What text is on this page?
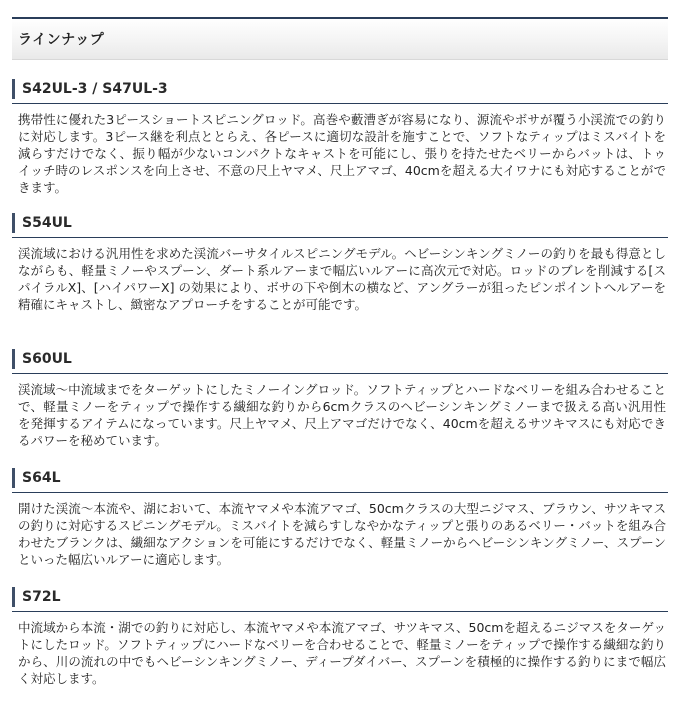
ラインナップ
S42UL-3 / S47UL-3
携帯性に優れた3ピースショートスピニングロッド。高巻や藪漕ぎが容易になり、源流やボサが覆う小渓流での釣りに対応します。3ピース継を利点ととらえ、各ピースに適切な設計を施すことで、ソフトなティップはミスバイトを減らすだけでなく、振り幅が少ないコンパクトなキャストを可能にし、張りを持たせたベリーからバットは、トゥイッチ時のレスポンスを向上させ、不意の尺上ヤマメ、尺上アマゴ、40cmを超える大イワナにも対応することができます。
S54UL
渓流域における汎用性を求めた渓流バーサタイルスピニングモデル。ヘビーシンキングミノーの釣りを最も得意としながらも、軽量ミノーやスプーン、ダート系ルアーまで幅広いルアーに高次元で対応。ロッドのブレを削減する[スパイラルX]、[ハイパワーX] の効果により、ボサの下や倒木の横など、アングラーが狙ったピンポイントへルアーを精確にキャストし、緻密なアプローチをすることが可能です。
S60UL
渓流域～中流域までをターゲットにしたミノーイングロッド。ソフトティップとハードなベリーを組み合わせることで、軽量ミノーをティップで操作する繊細な釣りから6cmクラスのヘビーシンキングミノーまで扱える高い汎用性を発揮するアイテムになっています。尺上ヤマメ、尺上アマゴだけでなく、40cmを超えるサツキマスにも対応できるパワーを秘めています。
S64L
開けた渓流～本流や、湖において、本流ヤマメや本流アマゴ、50cmクラスの大型ニジマス、ブラウン、サツキマスの釣りに対応するスピニングモデル。ミスバイトを減らすしなやかなティップと張りのあるベリー・バットを組み合わせたブランクは、繊細なアクションを可能にするだけでなく、軽量ミノーからヘビーシンキングミノー、スプーンといった幅広いルアーに適応します。
S72L
中流域から本流・湖での釣りに対応し、本流ヤマメや本流アマゴ、サツキマス、50cmを超えるニジマスをターゲットにしたロッド。ソフトティップにハードなベリーを合わせることで、軽量ミノーをティップで操作する繊細な釣りから、川の流れの中でもヘビーシンキングミノー、ディープダイバー、スプーンを積極的に操作する釣りにまで幅広く対応します。
